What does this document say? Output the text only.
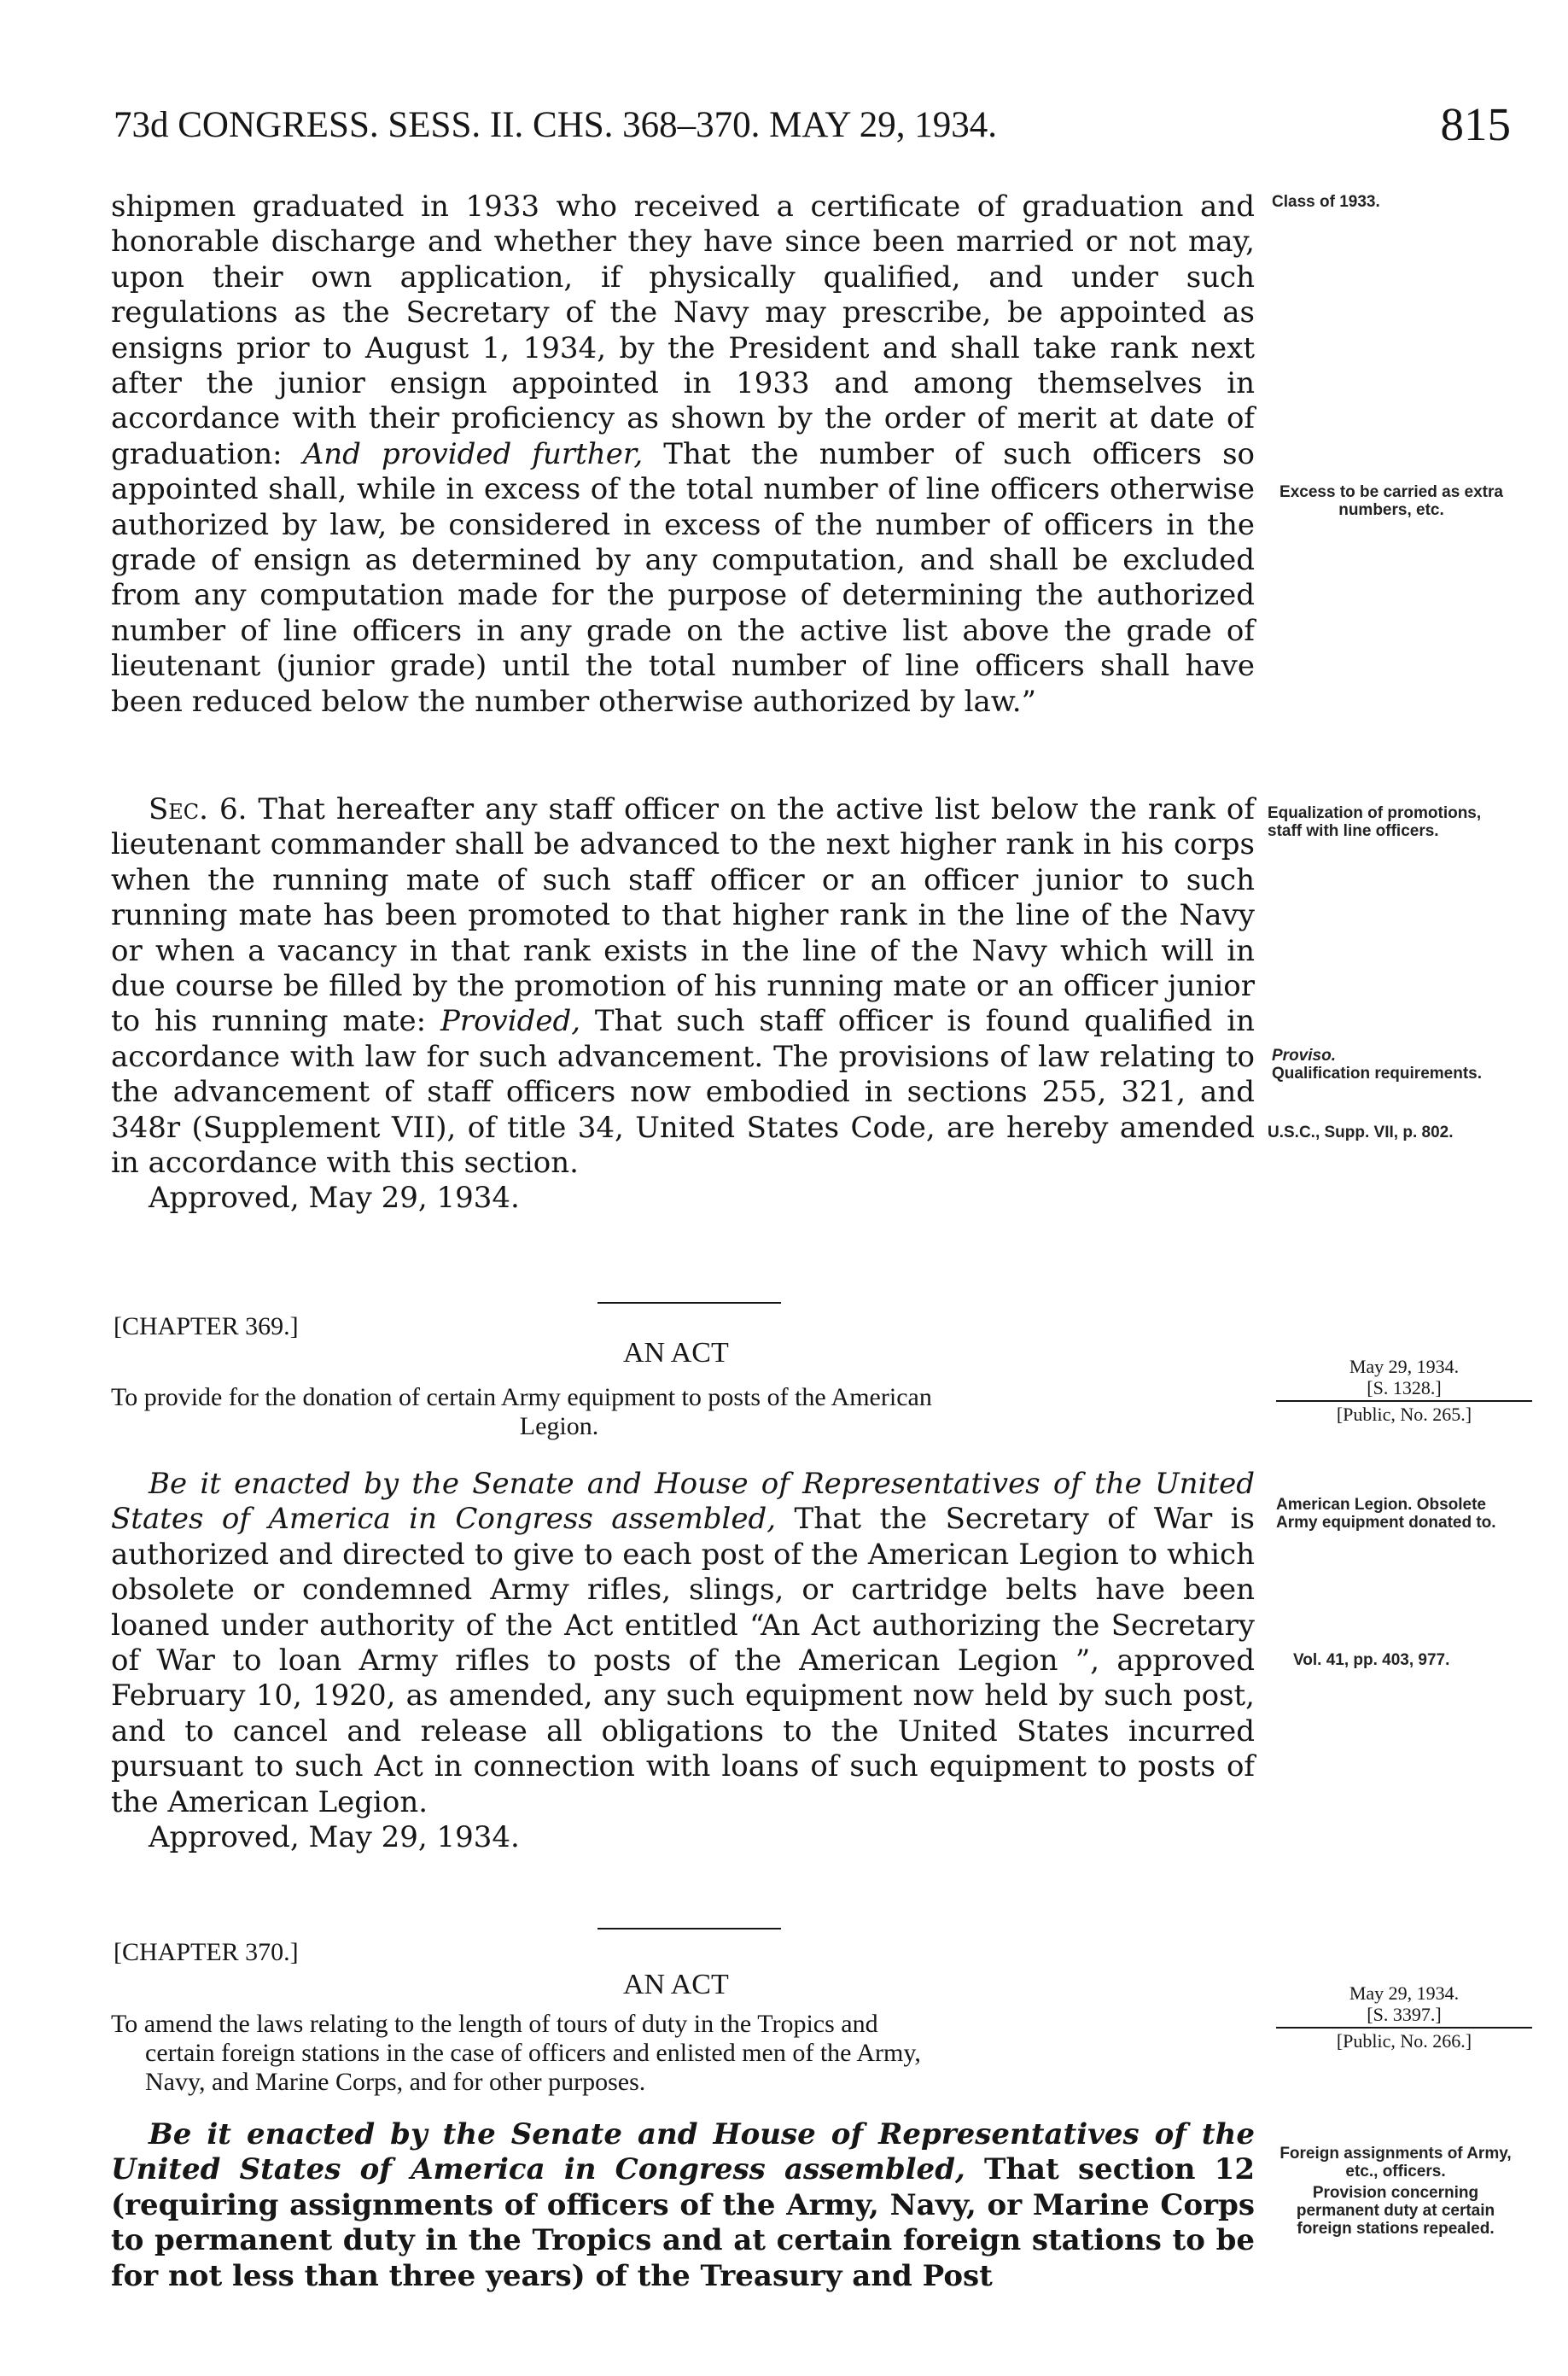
73d CONGRESS. SESS. II. CHS. 368–370. MAY 29, 1934.	815

shipmen graduated in 1933 who received a certificate of graduation and honorable discharge and whether they have since been married or not may, upon their own application, if physically qualified, and under such regulations as the Secretary of the Navy may prescribe, be appointed as ensigns prior to August 1, 1934, by the President and shall take rank next after the junior ensign appointed in 1933 and among themselves in accordance with their proficiency as shown by the order of merit at date of graduation: And provided further, That the number of such officers so appointed shall, while in excess of the total number of line officers otherwise authorized by law, be considered in excess of the number of officers in the grade of ensign as determined by any computation, and shall be excluded from any computation made for the purpose of determining the authorized number of line officers in any grade on the active list above the grade of lieutenant (junior grade) until the total number of line officers shall have been reduced below the number otherwise authorized by law.”

Sec. 6. That hereafter any staff officer on the active list below the rank of lieutenant commander shall be advanced to the next higher rank in his corps when the running mate of such staff officer or an officer junior to such running mate has been promoted to that higher rank in the line of the Navy or when a vacancy in that rank exists in the line of the Navy which will in due course be filled by the promotion of his running mate or an officer junior to his running mate: Provided, That such staff officer is found qualified in accordance with law for such advancement. The provisions of law relating to the advancement of staff officers now embodied in sections 255, 321, and 348r (Supplement VII), of title 34, United States Code, are hereby amended in accordance with this section.

Approved, May 29, 1934.

[CHAPTER 369.]
AN ACT

To provide for the donation of certain Army equipment to posts of the American

Legion.

May 29, 1934.
[S. 1328.]
[Public, No. 265.]

Be it enacted by the Senate and House of Representatives of the United States of America in Congress assembled, That the Secretary of War is authorized and directed to give to each post of the American Legion to which obsolete or condemned Army rifles, slings, or cartridge belts have been loaned under authority of the Act entitled “An Act authorizing the Secretary of War to loan Army rifles to posts of the American Legion ”, approved February 10, 1920, as amended, any such equipment now held by such post, and to cancel and release all obligations to the United States incurred pursuant to such Act in connection with loans of such equipment to posts of the American Legion.

Approved, May 29, 1934.

[CHAPTER 370.]
AN ACT

To amend the laws relating to the length of tours of duty in the Tropics and

certain foreign stations in the case of officers and enlisted men of the Army,

Navy, and Marine Corps, and for other purposes.

May 29, 1934.
[S. 3397.]
[Public, No. 266.]

Be it enacted by the Senate and House of Representatives of the United States of America in Congress assembled, That section 12 (requiring assignments of officers of the Army, Navy, or Marine Corps to permanent duty in the Tropics and at certain foreign stations to be for not less than three years) of the Treasury and Post

Class of 1933.
Excess to be carried as extra numbers, etc.
Equalization of promotions, staff with line officers.
Proviso.
Qualification requirements.
U.S.C., Supp. VII, p. 802.
American Legion. Obsolete Army equipment donated to.
Vol. 41, pp. 403, 977.
Foreign assignments of Army, etc., officers.
Provision concerning permanent duty at certain foreign stations repealed.
